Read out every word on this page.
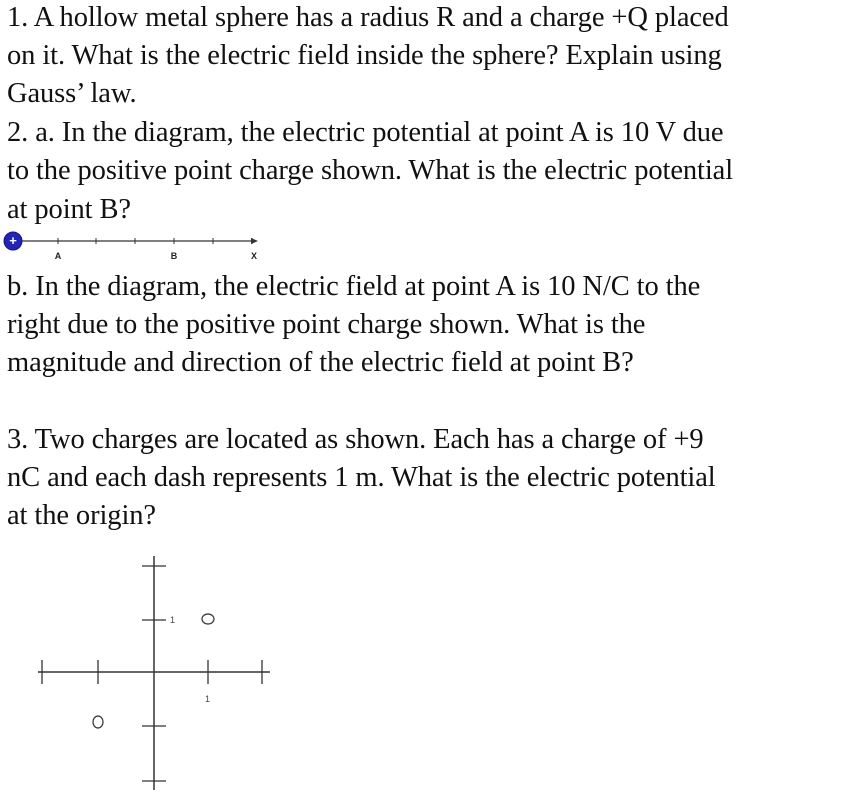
1. A hollow metal sphere has a radius R and a charge +Q placed
on it. What is the electric field inside the sphere? Explain using
Gauss’ law.
2. a. In the diagram, the electric potential at point A is 10 V due
to the positive point charge shown. What is the electric potential
at point B?
+
A	B	X
b. In the diagram, the electric field at point A is 10 N/C to the
right due to the positive point charge shown. What is the
magnitude and direction of the electric field at point B?
3. Two charges are located as shown. Each has a charge of +9
nC and each dash represents 1 m. What is the electric potential
at the origin?
1
1
